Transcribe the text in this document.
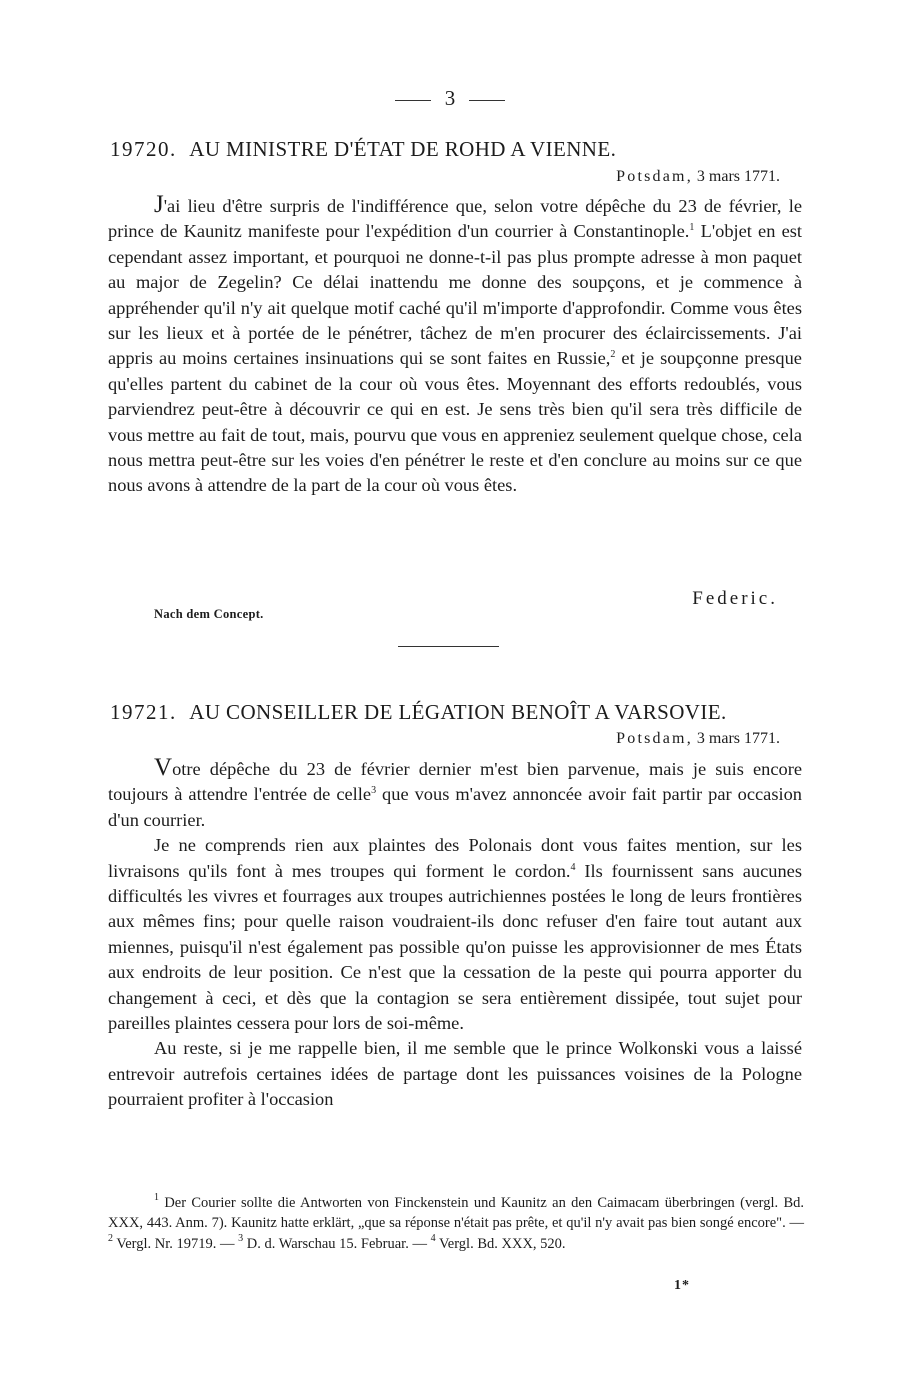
3
19720. AU MINISTRE D'ÉTAT DE ROHD A VIENNE.
Potsdam, 3 mars 1771.

J'ai lieu d'être surpris de l'indifférence que, selon votre dépêche du 23 de février, le prince de Kaunitz manifeste pour l'expédition d'un courrier à Constantinople.$^1$ L'objet en est cependant assez important, et pourquoi ne donne-t-il pas plus prompte adresse à mon paquet au major de Zegelin? Ce délai inattendu me donne des soupçons, et je commence à appréhender qu'il n'y ait quelque motif caché qu'il m'importe d'approfondir. Comme vous êtes sur les lieux et à portée de le pénétrer, tâchez de m'en procurer des éclaircissements. J'ai appris au moins certaines insinuations qui se sont faites en Russie,$^2$ et je soupçonne presque qu'elles partent du cabinet de la cour où vous êtes. Moyennant des efforts redoublés, vous parviendrez peut-être à découvrir ce qui en est. Je sens très bien qu'il sera très difficile de vous mettre au fait de tout, mais, pourvu que vous en appreniez seulement quelque chose, cela nous mettra peut-être sur les voies d'en pénétrer le reste et d'en conclure au moins sur ce que nous avons à attendre de la part de la cour où vous êtes.

Federic.
Nach dem Concept.
19721. AU CONSEILLER DE LÉGATION BENOÎT A VARSOVIE.
Potsdam, 3 mars 1771.

Votre dépêche du 23 de février dernier m'est bien parvenue, mais je suis encore toujours à attendre l'entrée de celle$^3$ que vous m'avez annoncée avoir fait partir par occasion d'un courrier.

Je ne comprends rien aux plaintes des Polonais dont vous faites mention, sur les livraisons qu'ils font à mes troupes qui forment le cordon.$^4$ Ils fournissent sans aucunes difficultés les vivres et fourrages aux troupes autrichiennes postées le long de leurs frontières aux mêmes fins; pour quelle raison voudraient-ils donc refuser d'en faire tout autant aux miennes, puisqu'il n'est également pas possible qu'on puisse les approvisionner de mes États aux endroits de leur position. Ce n'est que la cessation de la peste qui pourra apporter du changement à ceci, et dès que la contagion se sera entièrement dissipée, tout sujet pour pareilles plaintes cessera pour lors de soi-même.

Au reste, si je me rappelle bien, il me semble que le prince Wolkonski vous a laissé entrevoir autrefois certaines idées de partage dont les puissances voisines de la Pologne pourraient profiter à l'occasion

$^1$ Der Courier sollte die Antworten von Finckenstein und Kaunitz an den Caimacam überbringen (vergl. Bd. XXX, 443. Anm. 7). Kaunitz hatte erklärt, „que sa réponse n'était pas prête, et qu'il n'y avait pas bien songé encore". — $^2$ Vergl. Nr. 19719. — $^3$ D. d. Warschau 15. Februar. — $^4$ Vergl. Bd. XXX, 520.

1*
